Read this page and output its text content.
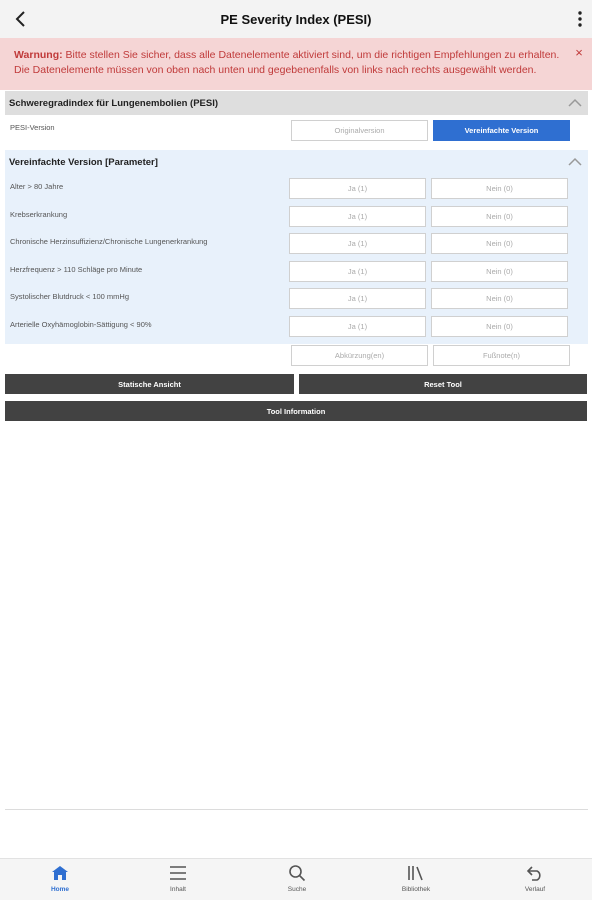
PE Severity Index (PESI)
Warnung: Bitte stellen Sie sicher, dass alle Datenelemente aktiviert sind, um die richtigen Empfehlungen zu erhalten. Die Datenelemente müssen von oben nach unten und gegebenenfalls von links nach rechts ausgewählt werden.
×
Schweregradindex für Lungenembolien (PESI)
PESI-Version	Originalversion	Vereinfachte Version
Vereinfachte Version [Parameter]
Alter > 80 Jahre	Ja (1)	Nein (0)
Krebserkrankung	Ja (1)	Nein (0)
Chronische Herzinsuffizienz/Chronische Lungenerkrankung	Ja (1)	Nein (0)
Herzfrequenz > 110 Schläge pro Minute	Ja (1)	Nein (0)
Systolischer Blutdruck < 100 mmHg	Ja (1)	Nein (0)
Arterielle Oxyhämoglobin-Sättigung < 90%	Ja (1)	Nein (0)
Abkürzung(en)	Fußnote(n)
Statische Ansicht	Reset Tool
Tool Information
Home	Inhalt	Suche	Bibliothek	Verlauf
